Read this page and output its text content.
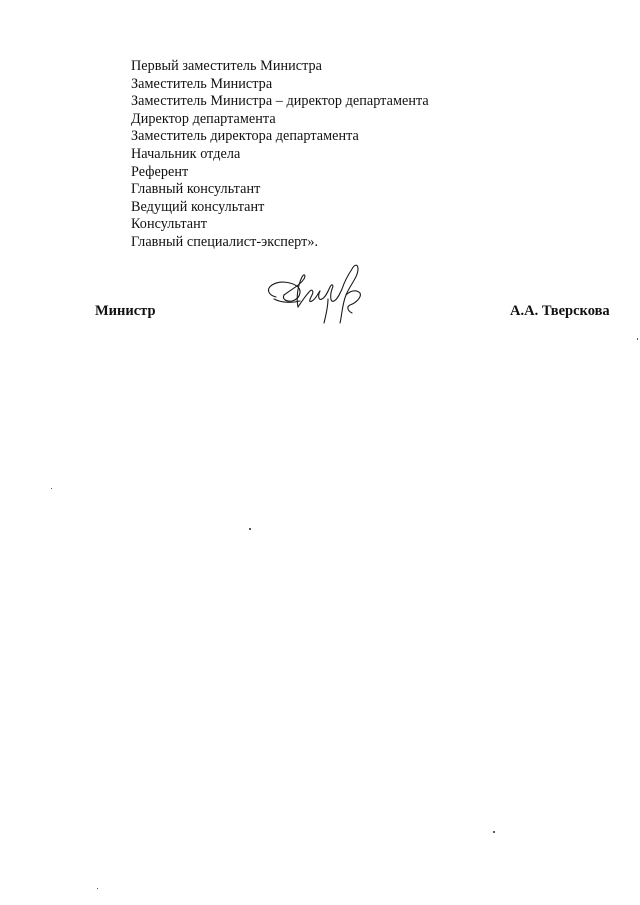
Первый заместитель Министра
Заместитель Министра
Заместитель Министра – директор департамента
Директор департамента
Заместитель директора департамента
Начальник отдела
Референт
Главный консультант
Ведущий консультант
Консультант
Главный специалист-эксперт».
Министр	А.А. Тверскова
